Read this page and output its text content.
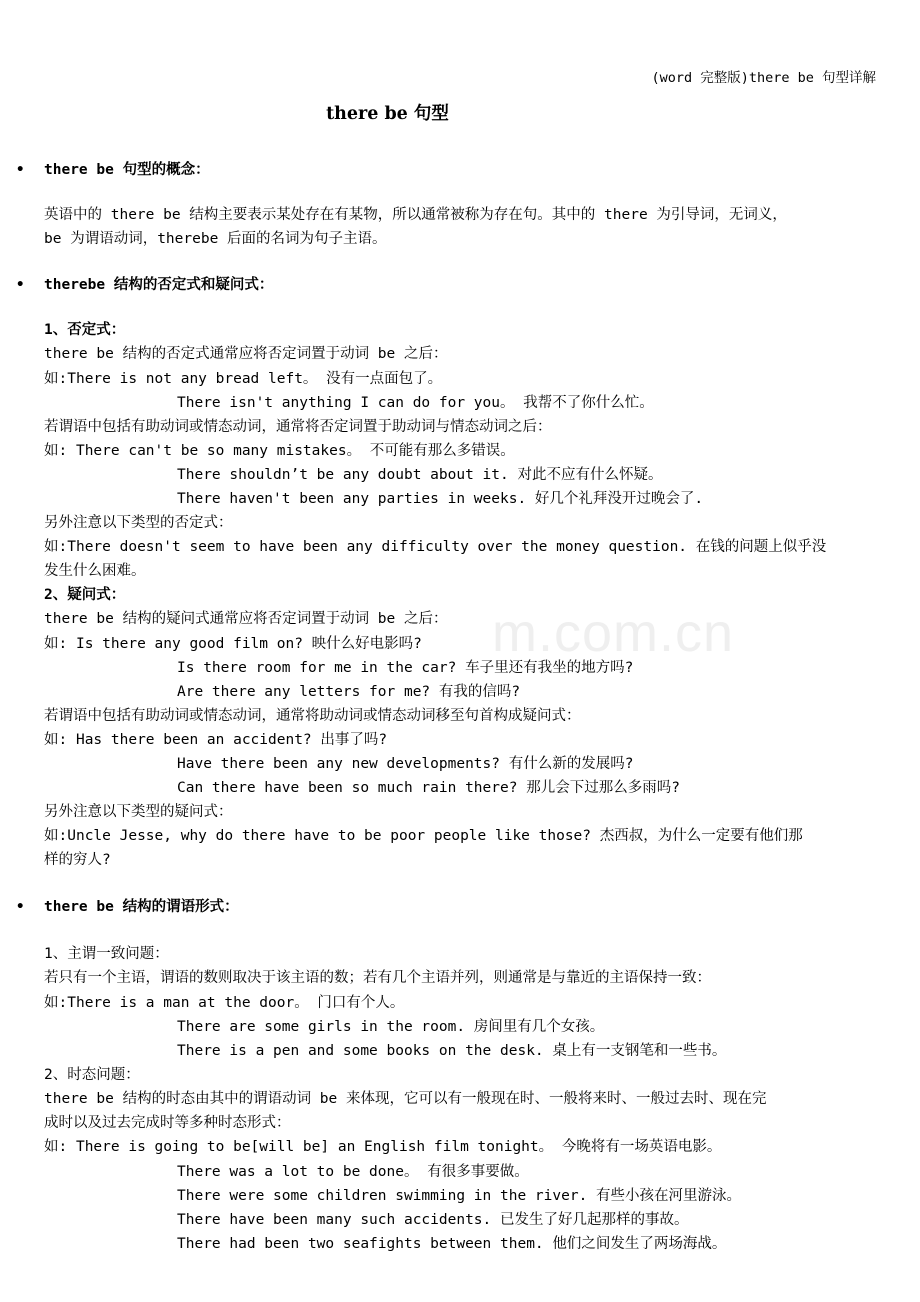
(word 完整版)there be 句型详解
there be 句型
m.com.cn
• there be 句型的概念：
英语中的 there be 结构主要表示某处存在有某物，所以通常被称为存在句。其中的 there 为引导词，无词义，
be 为谓语动词，therebe 后面的名词为句子主语。
• therebe 结构的否定式和疑问式：
1、否定式：
there be 结构的否定式通常应将否定词置于动词 be 之后：
如:There is not any bread left。 没有一点面包了。
There isn't anything I can do for you。 我帮不了你什么忙。
若谓语中包括有助动词或情态动词，通常将否定词置于助动词与情态动词之后：
如: There can't be so many mistakes。 不可能有那么多错误。
There shouldn’t be any doubt about it. 对此不应有什么怀疑。
There haven't been any parties in weeks. 好几个礼拜没开过晚会了.
另外注意以下类型的否定式：
如:There doesn't seem to have been any difficulty over the money question. 在钱的问题上似乎没
发生什么困难。
2、疑问式：
there be 结构的疑问式通常应将否定词置于动词 be 之后：
如: Is there any good film on? 映什么好电影吗?
Is there room for me in the car? 车子里还有我坐的地方吗?
Are there any letters for me? 有我的信吗?
若谓语中包括有助动词或情态动词，通常将助动词或情态动词移至句首构成疑问式：
如: Has there been an accident? 出事了吗?
Have there been any new developments? 有什么新的发展吗?
Can there have been so much rain there? 那儿会下过那么多雨吗?
另外注意以下类型的疑问式：
如:Uncle Jesse, why do there have to be poor people like those? 杰西叔，为什么一定要有他们那
样的穷人?
• there be 结构的谓语形式：
1、主谓一致问题：
若只有一个主语，谓语的数则取决于该主语的数；若有几个主语并列，则通常是与靠近的主语保持一致：
如:There is a man at the door。 门口有个人。
There are some girls in the room. 房间里有几个女孩。
There is a pen and some books on the desk. 桌上有一支钢笔和一些书。
2、时态问题：
there be 结构的时态由其中的谓语动词 be 来体现，它可以有一般现在时、一般将来时、一般过去时、现在完
成时以及过去完成时等多种时态形式：
如: There is going to be[will be] an English film tonight。 今晚将有一场英语电影。
There was a lot to be done。 有很多事要做。
There were some children swimming in the river. 有些小孩在河里游泳。
There have been many such accidents. 已发生了好几起那样的事故。
There had been two seafights between them. 他们之间发生了两场海战。
